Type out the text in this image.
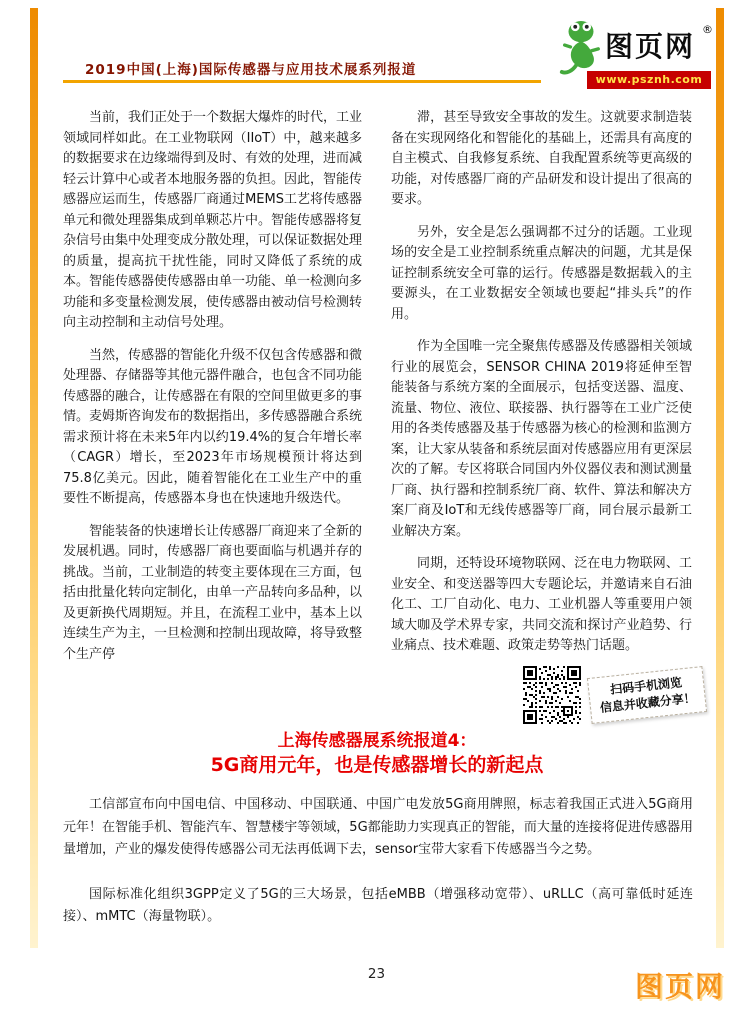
2019中国(上海)国际传感器与应用技术展系列报道
图页网
®
www.psznh.com

当前，我们正处于一个数据大爆炸的时代，工业领域同样如此。在工业物联网（IIoT）中，越来越多的数据要求在边缘端得到及时、有效的处理，进而减轻云计算中心或者本地服务器的负担。因此，智能传感器应运而生，传感器厂商通过MEMS工艺将传感器单元和微处理器集成到单颗芯片中。智能传感器将复杂信号由集中处理变成分散处理，可以保证数据处理的质量，提高抗干扰性能，同时又降低了系统的成本。智能传感器使传感器由单一功能、单一检测向多功能和多变量检测发展，使传感器由被动信号检测转向主动控制和主动信号处理。

当然，传感器的智能化升级不仅包含传感器和微处理器、存储器等其他元器件融合，也包含不同功能传感器的融合，让传感器在有限的空间里做更多的事情。麦姆斯咨询发布的数据指出，多传感器融合系统需求预计将在未来5年内以约19.4%的复合年增长率（CAGR）增长，至2023年市场规模预计将达到75.8亿美元。因此，随着智能化在工业生产中的重要性不断提高，传感器本身也在快速地升级迭代。

智能装备的快速增长让传感器厂商迎来了全新的发展机遇。同时，传感器厂商也要面临与机遇并存的挑战。当前，工业制造的转变主要体现在三方面，包括由批量化转向定制化，由单一产品转向多品种，以及更新换代周期短。并且，在流程工业中，基本上以连续生产为主，一旦检测和控制出现故障，将导致整个生产停

滞，甚至导致安全事故的发生。这就要求制造装备在实现网络化和智能化的基础上，还需具有高度的自主模式、自我修复系统、自我配置系统等更高级的功能，对传感器厂商的产品研发和设计提出了很高的要求。

另外，安全是怎么强调都不过分的话题。工业现场的安全是工业控制系统重点解决的问题，尤其是保证控制系统安全可靠的运行。传感器是数据载入的主要源头，在工业数据安全领域也要起“排头兵”的作用。

作为全国唯一完全聚焦传感器及传感器相关领域行业的展览会，SENSOR CHINA 2019将延伸至智能装备与系统方案的全面展示，包括变送器、温度、流量、物位、液位、联接器、执行器等在工业广泛使用的各类传感器及基于传感器为核心的检测和监测方案，让大家从装备和系统层面对传感器应用有更深层次的了解。专区将联合同国内外仪器仪表和测试测量厂商、执行器和控制系统厂商、软件、算法和解决方案厂商及IoT和无线传感器等厂商，同台展示最新工业解决方案。

同期，还特设环境物联网、泛在电力物联网、工业安全、和变送器等四大专题论坛，并邀请来自石油化工、工厂自动化、电力、工业机器人等重要用户领域大咖及学术界专家，共同交流和探讨产业趋势、行业痛点、技术难题、政策走势等热门话题。

扫码手机浏览
信息并收藏分享！
上海传感器展系统报道4：
5G商用元年，也是传感器增长的新起点

工信部宣布向中国电信、中国移动、中国联通、中国广电发放5G商用牌照，标志着我国正式进入5G商用元年！在智能手机、智能汽车、智慧楼宇等领域，5G都能助力实现真正的智能，而大量的连接将促进传感器用量增加，产业的爆发使得传感器公司无法再低调下去，sensor宝带大家看下传感器当今之势。

国际标准化组织3GPP定义了5G的三大场景，包括eMBB（增强移动宽带）、uRLLC（高可靠低时延连接）、mMTC（海量物联）。

23	图页网
